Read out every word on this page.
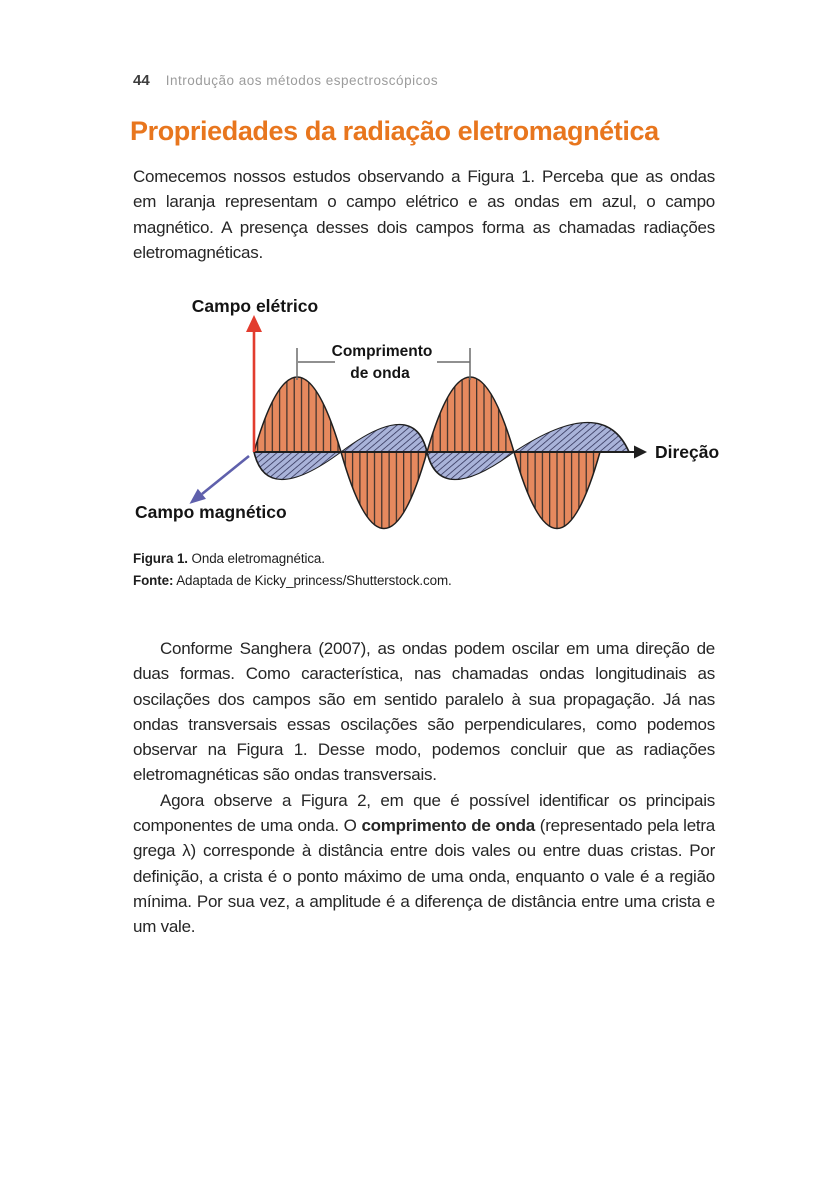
44 Introdução aos métodos espectroscópicos
Propriedades da radiação eletromagnética
Comecemos nossos estudos observando a Figura 1. Perceba que as ondas em laranja representam o campo elétrico e as ondas em azul, o campo magnético. A presença desses dois campos forma as chamadas radiações eletromagnéticas.
Campo elétrico
Comprimento
de onda
Direção
Campo magnético
Figura 1. Onda eletromagnética.
Fonte: Adaptada de Kicky_princess/Shutterstock.com.

Conforme Sanghera (2007), as ondas podem oscilar em uma direção de duas formas. Como característica, nas chamadas ondas longitudinais as oscilações dos campos são em sentido paralelo à sua propagação. Já nas ondas transversais essas oscilações são perpendiculares, como podemos observar na Figura 1. Desse modo, podemos concluir que as radiações eletromagnéticas são ondas transversais.

Agora observe a Figura 2, em que é possível identificar os principais componentes de uma onda. O comprimento de onda (representado pela letra grega λ) corresponde à distância entre dois vales ou entre duas cristas. Por definição, a crista é o ponto máximo de uma onda, enquanto o vale é a região mínima. Por sua vez, a amplitude é a diferença de distância entre uma crista e um vale.
